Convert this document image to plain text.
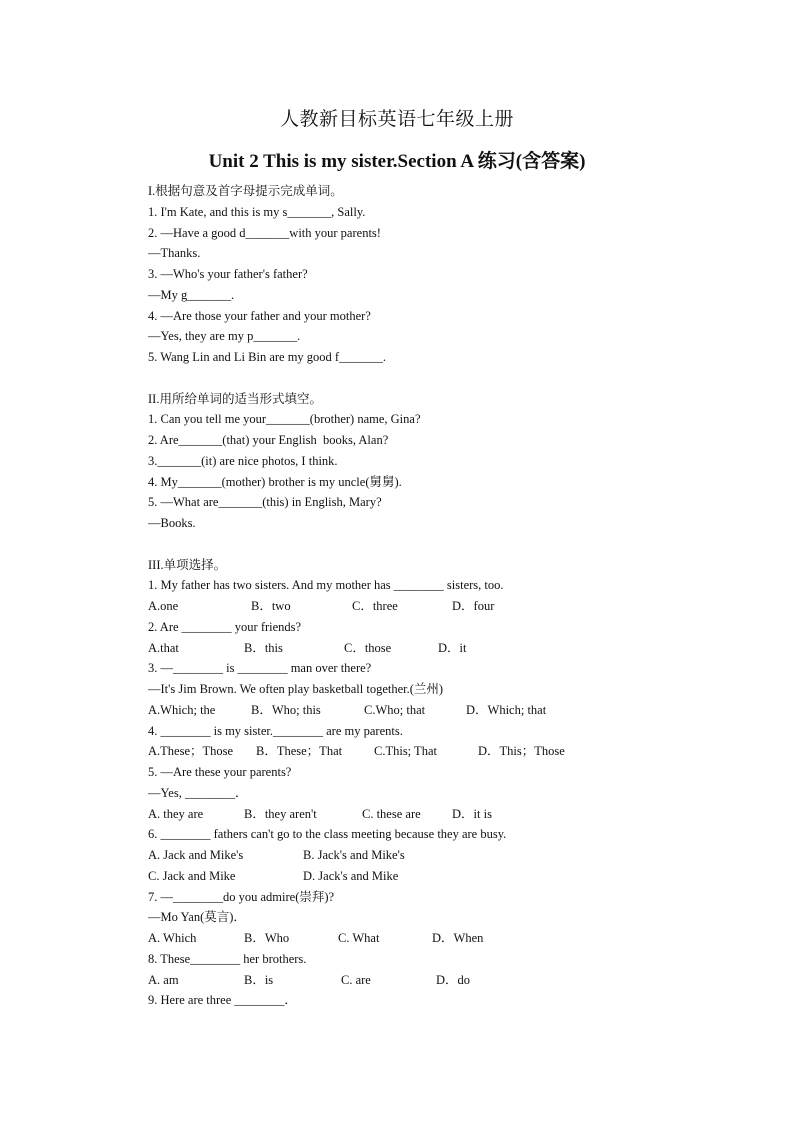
人教新目标英语七年级上册
Unit 2 This is my sister.Section A 练习(含答案)
I.根据句意及首字母提示完成单词。
1. I'm Kate, and this is my s_______, Sally.
2. —Have a good d_______with your parents!
—Thanks.
3. —Who's your father's father?
—My g_______.
4. —Are those your father and your mother?
—Yes, they are my p_______.
5. Wang Lin and Li Bin are my good f_______.
II.用所给单词的适当形式填空。
1. Can you tell me your_______(brother) name, Gina?
2. Are_______(that) your English  books, Alan?
3._______(it) are nice photos, I think.
4. My_______(mother) brother is my uncle(舅舅).
5. —What are_______(this) in English, Mary?
—Books.
III.单项选择。
1. My father has two sisters. And my mother has ________ sisters, too.

A.one

	B．two

	C．three

	D．four

2. Are ________ your friends?

A.that

	B．this

	C．those

	D．it

3. —________ is ________ man over there?
—It's Jim Brown. We often play basketball together.(兰州)

A.Which; the

	B．Who; this

	C.Who; that

	D．Which; that

4. ________ is my sister.________ are my parents.

A.These；Those

B．These；That

	C.This; That

	D．This；Those

5. —Are these your parents?
—Yes, ________．

A. they are

	B．they aren't

	C. these are

	D．it is

6. ________ fathers can't go to the class meeting because they are busy.

A. Jack and Mike's

	B. Jack's and Mike's

C. Jack and Mike

	D. Jack's and Mike

7. —________do you admire(崇拜)?
—Mo Yan(莫言)．

A. Which

	B．Who

	C. What

	D．When

8. These________ her brothers.

A. am

	B．is

	C. are

	D．do

9. Here are three ________．
